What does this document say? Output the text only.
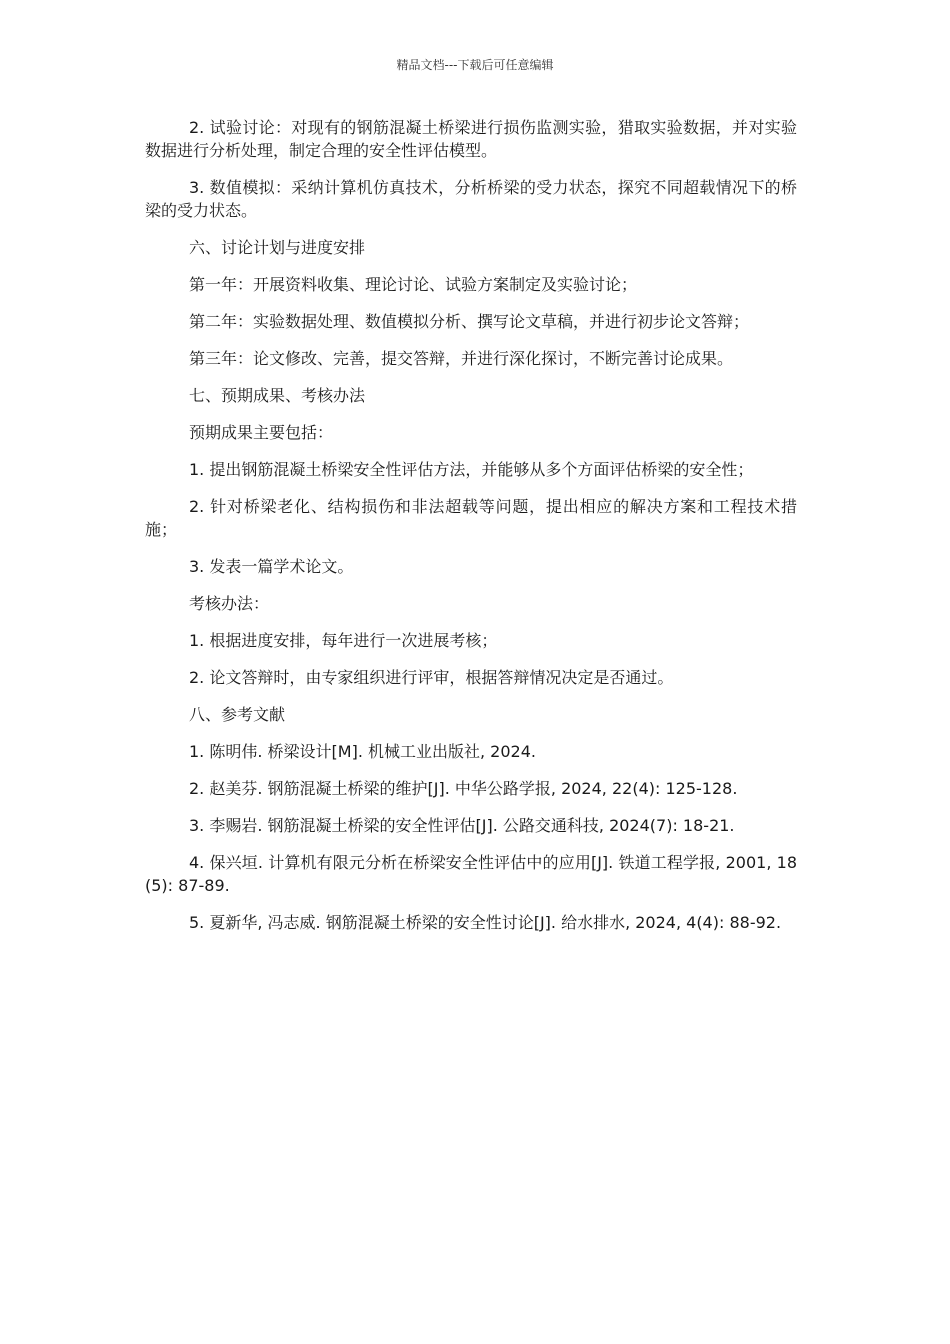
精品文档---下载后可任意编辑

2. 试验讨论：对现有的钢筋混凝土桥梁进行损伤监测实验，猎取实验数据，并对实验数据进行分析处理，制定合理的安全性评估模型。

3. 数值模拟：采纳计算机仿真技术，分析桥梁的受力状态，探究不同超载情况下的桥梁的受力状态。

六、讨论计划与进度安排

第一年：开展资料收集、理论讨论、试验方案制定及实验讨论；

第二年：实验数据处理、数值模拟分析、撰写论文草稿，并进行初步论文答辩；

第三年：论文修改、完善，提交答辩，并进行深化探讨，不断完善讨论成果。

七、预期成果、考核办法

预期成果主要包括：

1. 提出钢筋混凝土桥梁安全性评估方法，并能够从多个方面评估桥梁的安全性；

2. 针对桥梁老化、结构损伤和非法超载等问题，提出相应的解决方案和工程技术措施；

3. 发表一篇学术论文。

考核办法：

1. 根据进度安排，每年进行一次进展考核；

2. 论文答辩时，由专家组织进行评审，根据答辩情况决定是否通过。

八、参考文献

1. 陈明伟. 桥梁设计[M]. 机械工业出版社, 2024.

2. 赵美芬. 钢筋混凝土桥梁的维护[J]. 中华公路学报, 2024, 22(4): 125-128.

3. 李赐岩. 钢筋混凝土桥梁的安全性评估[J]. 公路交通科技, 2024(7): 18-21.

4. 保兴垣. 计算机有限元分析在桥梁安全性评估中的应用[J]. 铁道工程学报, 2001, 18(5): 87-89.

5. 夏新华, 冯志威. 钢筋混凝土桥梁的安全性讨论[J]. 给水排水, 2024, 4(4): 88-92.
